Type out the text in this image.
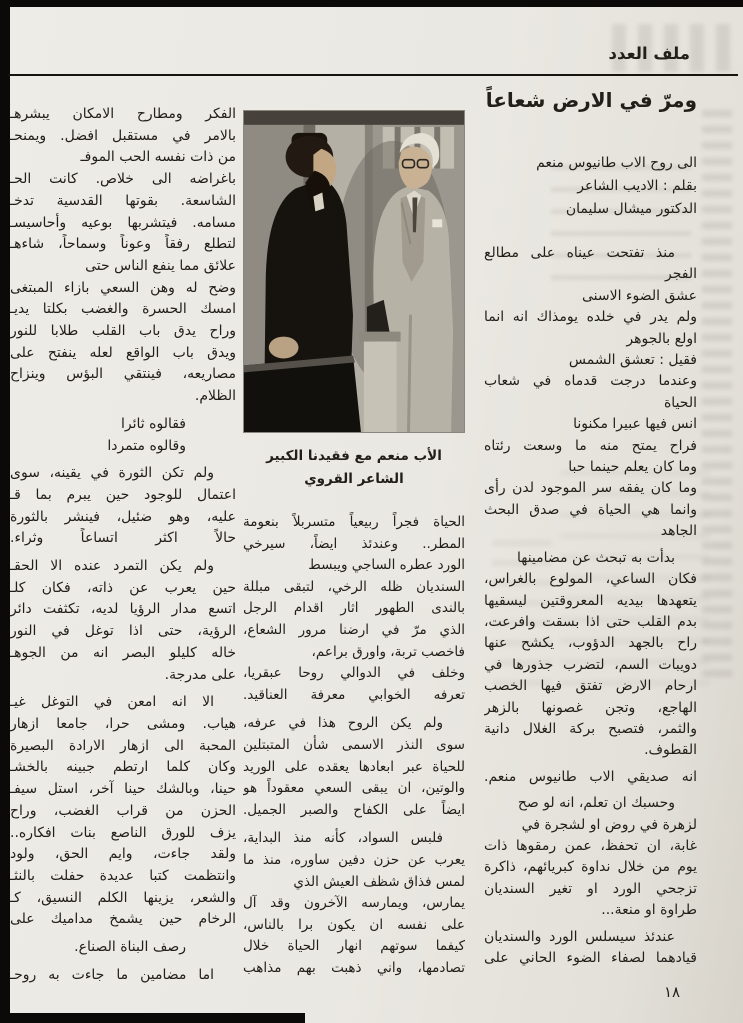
ملف العدد
ومرّ في الارض شعاعاً
الى روح الاب طانيوس منعم
بقلم : الاديب الشاعر
الدكتور ميشال سليمان
منذ تفتحت عيناه على مطالع
الفجر
عشق الضوء الاسنى
ولم يدر في خلده يومذاك انه انما
اولع بالجوهر
فقيل : تعشق الشمس
وعندما درجت قدماه في شعاب
الحياة
انس فيها عبيرا مكنونا
فراح يمتح منه ما وسعت رئتاه
وما كان يعلم حينما حبا
وما كان يفقه سر الموجود لدن رأى
وانما هي الحياة في صدق البحث
الجاهد
بدأت به تبحث عن مضامينها
فكان الساعي، المولوع بالغراس،
يتعهدها بيديه المعروقتين ليسقيها
بدم القلب حتى اذا بسقت وافرعت،
راح بالجهد الدؤوب، يكشح عنها
دويبات السم، لتضرب جذورها في
ارحام الارض تفتق فيها الخصب
الهاجع، وتجن غصونها بالزهر
والثمر، فتصبح بركة الغلال دانية
القطوف.
انه صديقي الاب طانيوس منعم.
وحسبك ان تعلم، انه لو صح
لزهرة في روض او لشجرة في
غابة، ان تحفظ، عمن رمقوها ذات
يوم من خلال نداوة كبريائهم، ذاكرة
تزجحي الورد او تغير السنديان
طراوة او منعة...
عندئذ سيسلس الورد والسنديان
قيادهما لصفاء الضوء الحاني على
الأب منعم مع فقيدنا الكبير
الشاعر القروي
الحياة فجراً ربيعياً متسربلاً بنعومة
المطر.. وعندئذ ايضاً، سيرخي
الورد عطره الساجي ويبسط
السنديان ظله الرخي، لتبقى مبللة
بالندى الطهور اثار اقدام الرجل
الذي مرّ في ارضنا مرور الشعاع،
فاخصب تربة، واورق براعم،
وخلف في الدوالي روحا عبقريا،
تعرفه الخوابي معرفة العناقيد.
ولم يكن الروح هذا في عرفه،
سوى النذر الاسمى شأن المتبتلين
للحياة عبر ابعادها يعقده على الوريد
والوتين، ان يبقى السعي معقوداً هو
ايضاً على الكفاح والصبر الجميل.
فلبس السواد، كأنه منذ البداية،
يعرب عن حزن دفين ساوره، منذ ما
لمس فذاق شظف العيش الذي
يمارس، ويمارسه الآخرون وقد آل
على نفسه ان يكون برا بالناس،
كيفما سوتهم انهار الحياة خلال
تصادمها، واني ذهبت بهم مذاهب
الفكر ومطارح الامكان يبشرهـ
بالامر في مستقبل افضل. ويمنحـ
من ذات نفسه الحب الموفـ
باغراضه الى خلاص. كانت الحـ
الشاسعة. بقوتها القدسية تدخـ
مسامه. فيتشربها بوعيه وأحاسيسـ
لتطلع رفقاً وعوناً وسماحاً، شاءهـ
علائق مما ينفع الناس حتى
وضح له وهن السعي بازاء المبتغى
امسك الحسرة والغضب بكلتا يديـ
وراح يدق باب القلب طلابا للنور
ويدق باب الواقع لعله ينفتح على
مصاريعه، فينتقي البؤس وينزاح
الظلام.
فقالوه ثائرا
وقالوه متمردا
ولم تكن الثورة في يقينه، سوى
اعتمال للوجود حين يبرم بما قـ
عليه، وهو ضئيل، فينشر بالثورة
حالاً اكثر اتساعاً وثراء.
ولم يكن التمرد عنده الا الحقـ
حين يعرب عن ذاته، فكان كلـ
اتسع مدار الرؤيا لديه، تكثفت دائر
الرؤية، حتى اذا توغل في النور
خاله كليلو البصر انه من الجوهـ
على مدرجة.
الا انه امعن في التوغل غيـ
هياب. ومشى حرا، جامعا ازهار
المحبة الى ازهار الارادة البصيرة
وكان كلما ارتطم جبينه بالخشـ
حينا، وبالشك حينا آخر، استل سيفـ
الحزن من قراب الغضب، وراح
يزف للورق الناصع بنات افكاره..
ولقد جاءت، وايم الحق، ولود
وانتظمت كتبا عديدة حفلت بالنثـ
والشعر، يزينها الكلم النسيق، كـ
الرخام حين يشمخ مداميك على
رصف البناة الصناع.
اما مضامين ما جاءت به روحـ
١٨
